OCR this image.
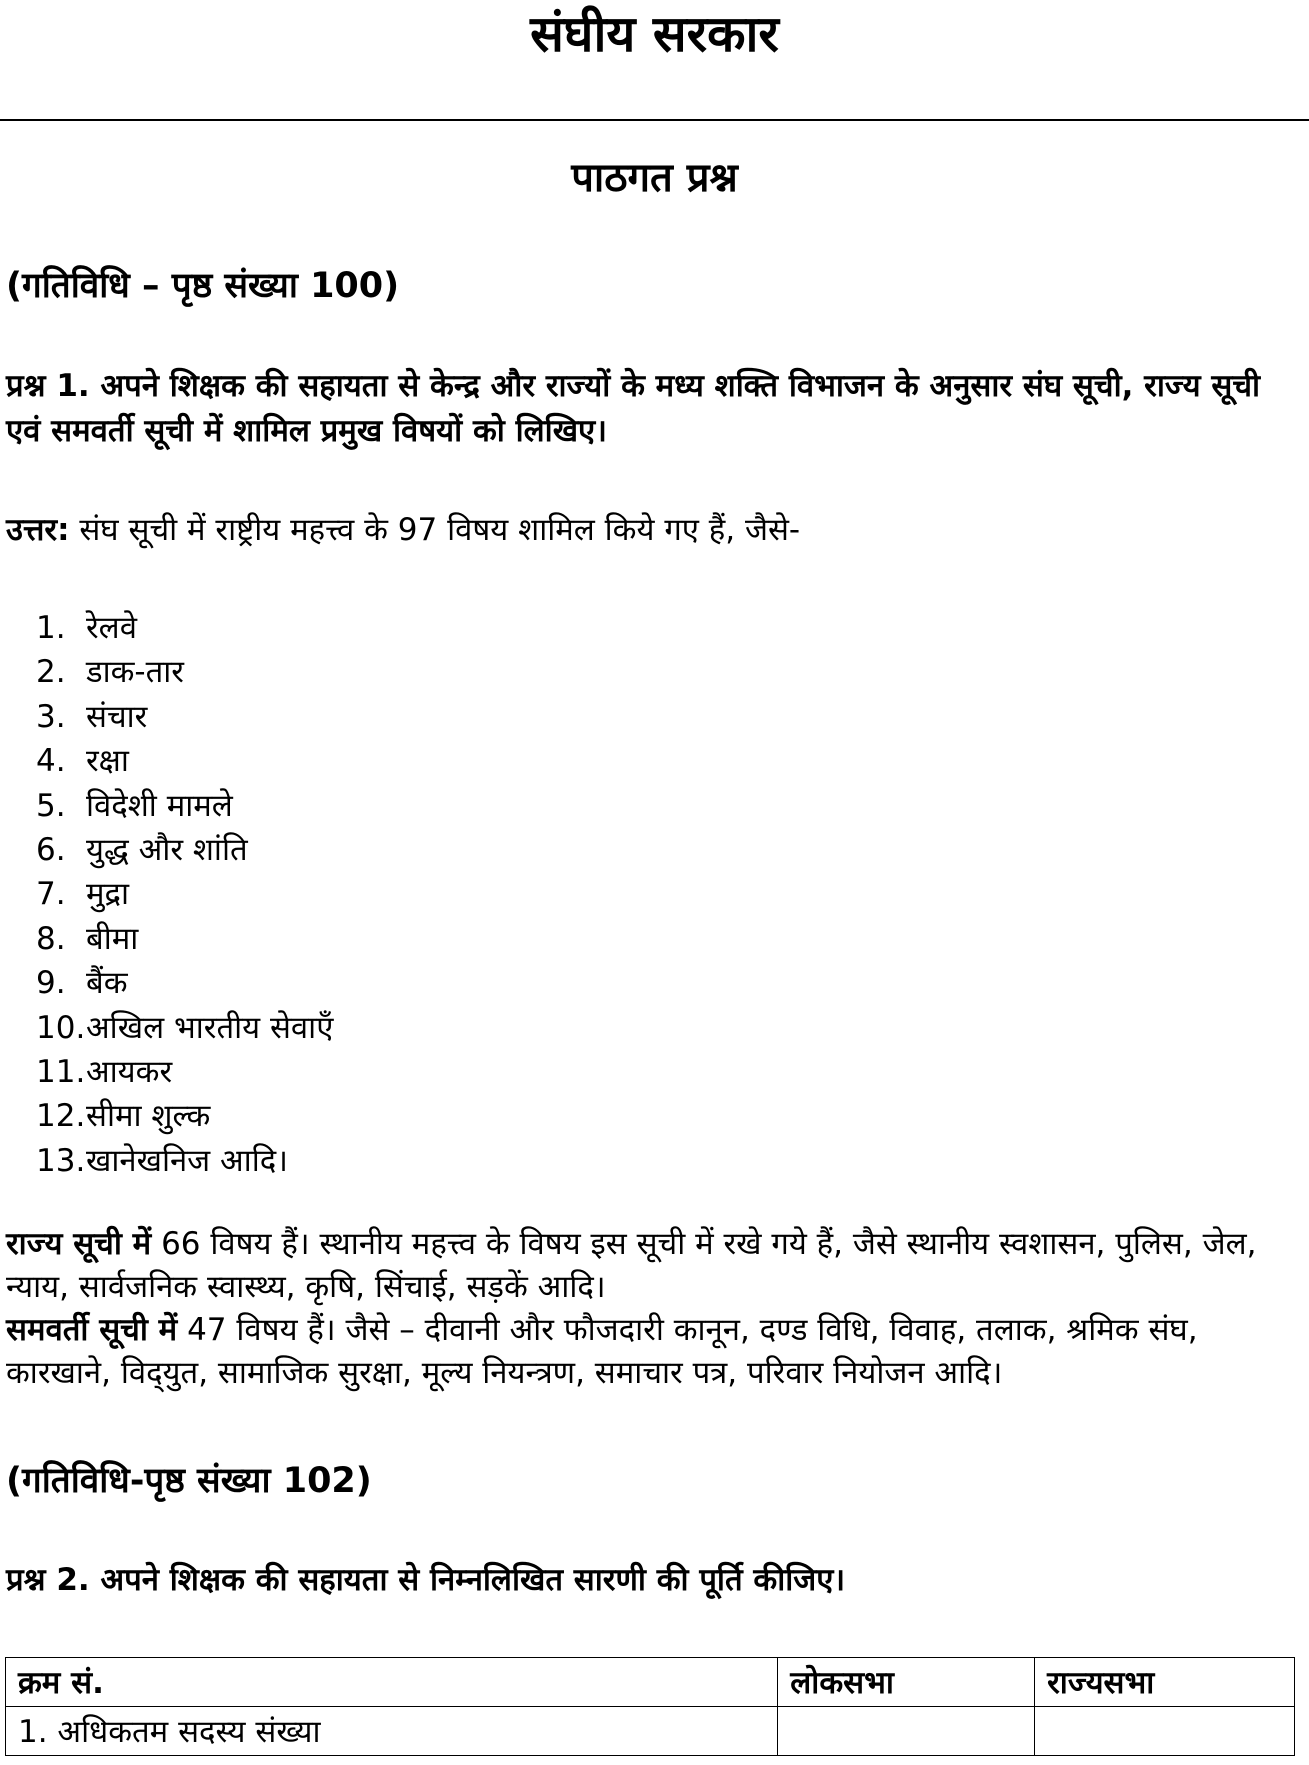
संघीय सरकार
पाठगत प्रश्न
(गतिविधि – पृष्ठ संख्या 100)
प्रश्न 1. अपने शिक्षक की सहायता से केन्द्र और राज्यों के मध्य शक्ति विभाजन के अनुसार संघ सूची, राज्य सूची एवं समवर्ती सूची में शामिल प्रमुख विषयों को लिखिए।
उत्तर: संघ सूची में राष्ट्रीय महत्त्व के 97 विषय शामिल किये गए हैं, जैसे-
1. रेलवे
2. डाक-तार
3. संचार
4. रक्षा
5. विदेशी मामले
6. युद्ध और शांति
7. मुद्रा
8. बीमा
9. बैंक
10.अखिल भारतीय सेवाएँ
11.आयकर
12.सीमा शुल्क
13.खानेखनिज आदि।
राज्य सूची में 66 विषय हैं। स्थानीय महत्त्व के विषय इस सूची में रखे गये हैं, जैसे स्थानीय स्वशासन, पुलिस, जेल, न्याय, सार्वजनिक स्वास्थ्य, कृषि, सिंचाई, सड़कें आदि।
समवर्ती सूची में 47 विषय हैं। जैसे – दीवानी और फौजदारी कानून, दण्ड विधि, विवाह, तलाक, श्रमिक संघ, कारखाने, विद्‌युत, सामाजिक सुरक्षा, मूल्य नियन्त्रण, समाचार पत्र, परिवार नियोजन आदि।
(गतिविधि-पृष्ठ संख्या 102)
प्रश्न 2. अपने शिक्षक की सहायता से निम्नलिखित सारणी की पूर्ति कीजिए।
क्रम सं.	लोकसभा	राज्यसभा
1. अधिकतम सदस्य संख्या		
